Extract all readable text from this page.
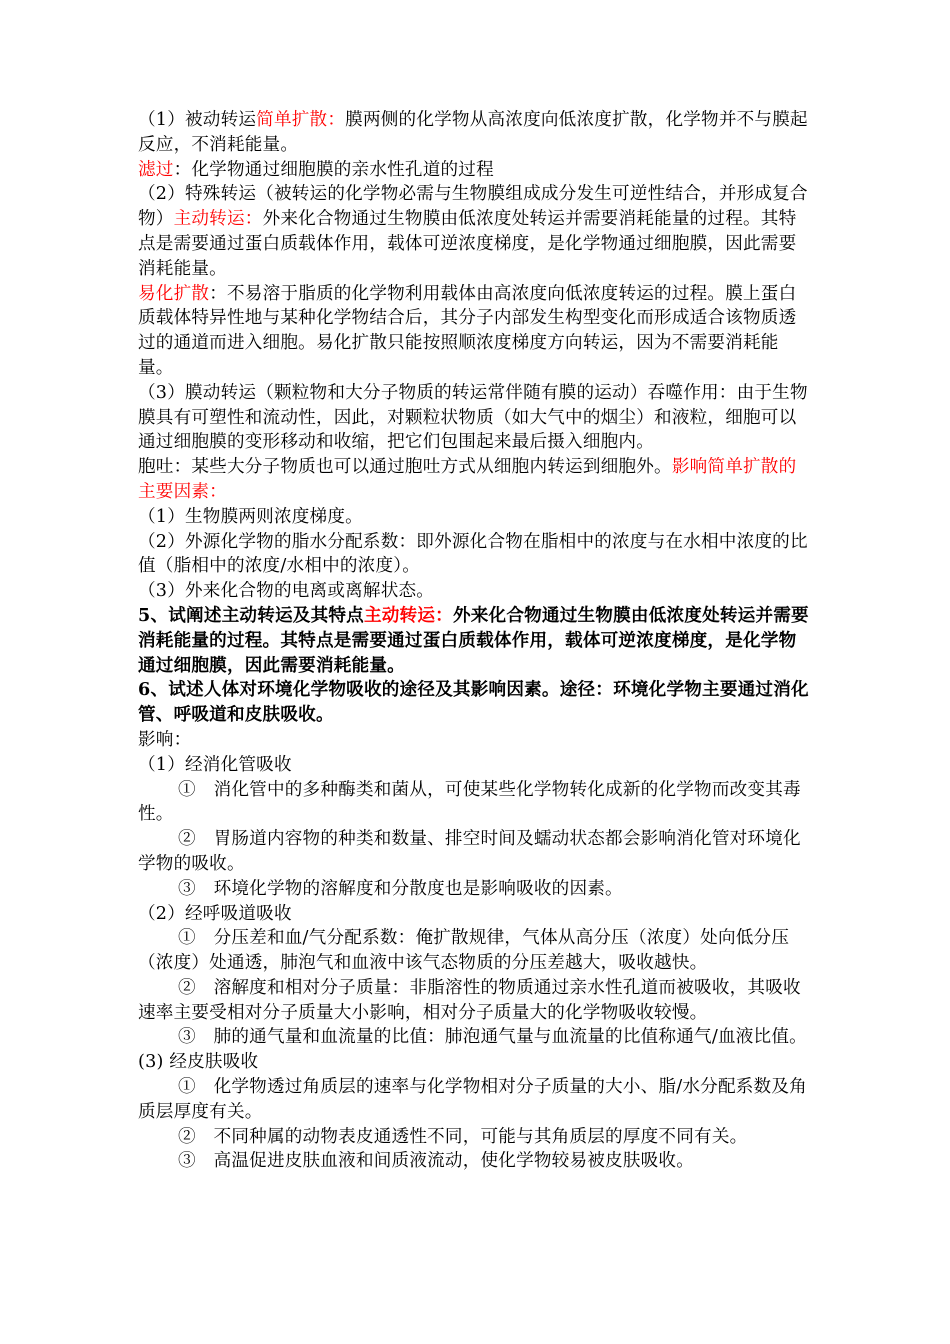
（1）被动转运简单扩散：膜两侧的化学物从高浓度向低浓度扩散，化学物并不与膜起反应，不消耗能量。

滤过：化学物通过细胞膜的亲水性孔道的过程

（2）特殊转运（被转运的化学物必需与生物膜组成成分发生可逆性结合，并形成复合物）主动转运：外来化合物通过生物膜由低浓度处转运并需要消耗能量的过程。其特点是需要通过蛋白质载体作用，载体可逆浓度梯度，是化学物通过细胞膜，因此需要消耗能量。

易化扩散：不易溶于脂质的化学物利用载体由高浓度向低浓度转运的过程。膜上蛋白质载体特异性地与某种化学物结合后，其分子内部发生构型变化而形成适合该物质透过的通道而进入细胞。易化扩散只能按照顺浓度梯度方向转运，因为不需要消耗能量。

（3）膜动转运（颗粒物和大分子物质的转运常伴随有膜的运动）吞噬作用：由于生物膜具有可塑性和流动性，因此，对颗粒状物质（如大气中的烟尘）和液粒，细胞可以通过细胞膜的变形移动和收缩，把它们包围起来最后摄入细胞内。

胞吐：某些大分子物质也可以通过胞吐方式从细胞内转运到细胞外。影响简单扩散的主要因素：

（1）生物膜两则浓度梯度。

（2）外源化学物的脂水分配系数：即外源化合物在脂相中的浓度与在水相中浓度的比值（脂相中的浓度/水相中的浓度）。

（3）外来化合物的电离或离解状态。

5、试阐述主动转运及其特点主动转运：外来化合物通过生物膜由低浓度处转运并需要消耗能量的过程。其特点是需要通过蛋白质载体作用，载体可逆浓度梯度，是化学物通过细胞膜，因此需要消耗能量。

6、试述人体对环境化学物吸收的途径及其影响因素。途径：环境化学物主要通过消化管、呼吸道和皮肤吸收。

影响：

（1）经消化管吸收

①　消化管中的多种酶类和菌从，可使某些化学物转化成新的化学物而改变其毒性。

②　胃肠道内容物的种类和数量、排空时间及蠕动状态都会影响消化管对环境化学物的吸收。

③　环境化学物的溶解度和分散度也是影响吸收的因素。

（2）经呼吸道吸收

①　分压差和血/气分配系数：俺扩散规律，气体从高分压（浓度）处向低分压（浓度）处通透，肺泡气和血液中该气态物质的分压差越大，吸收越快。

②　溶解度和相对分子质量：非脂溶性的物质通过亲水性孔道而被吸收，其吸收速率主要受相对分子质量大小影响，相对分子质量大的化学物吸收较慢。

③　肺的通气量和血流量的比值：肺泡通气量与血流量的比值称通气/血液比值。

(3) 经皮肤吸收

①　化学物透过角质层的速率与化学物相对分子质量的大小、脂/水分配系数及角质层厚度有关。

②　不同种属的动物表皮通透性不同，可能与其角质层的厚度不同有关。

③　高温促进皮肤血液和间质液流动，使化学物较易被皮肤吸收。
